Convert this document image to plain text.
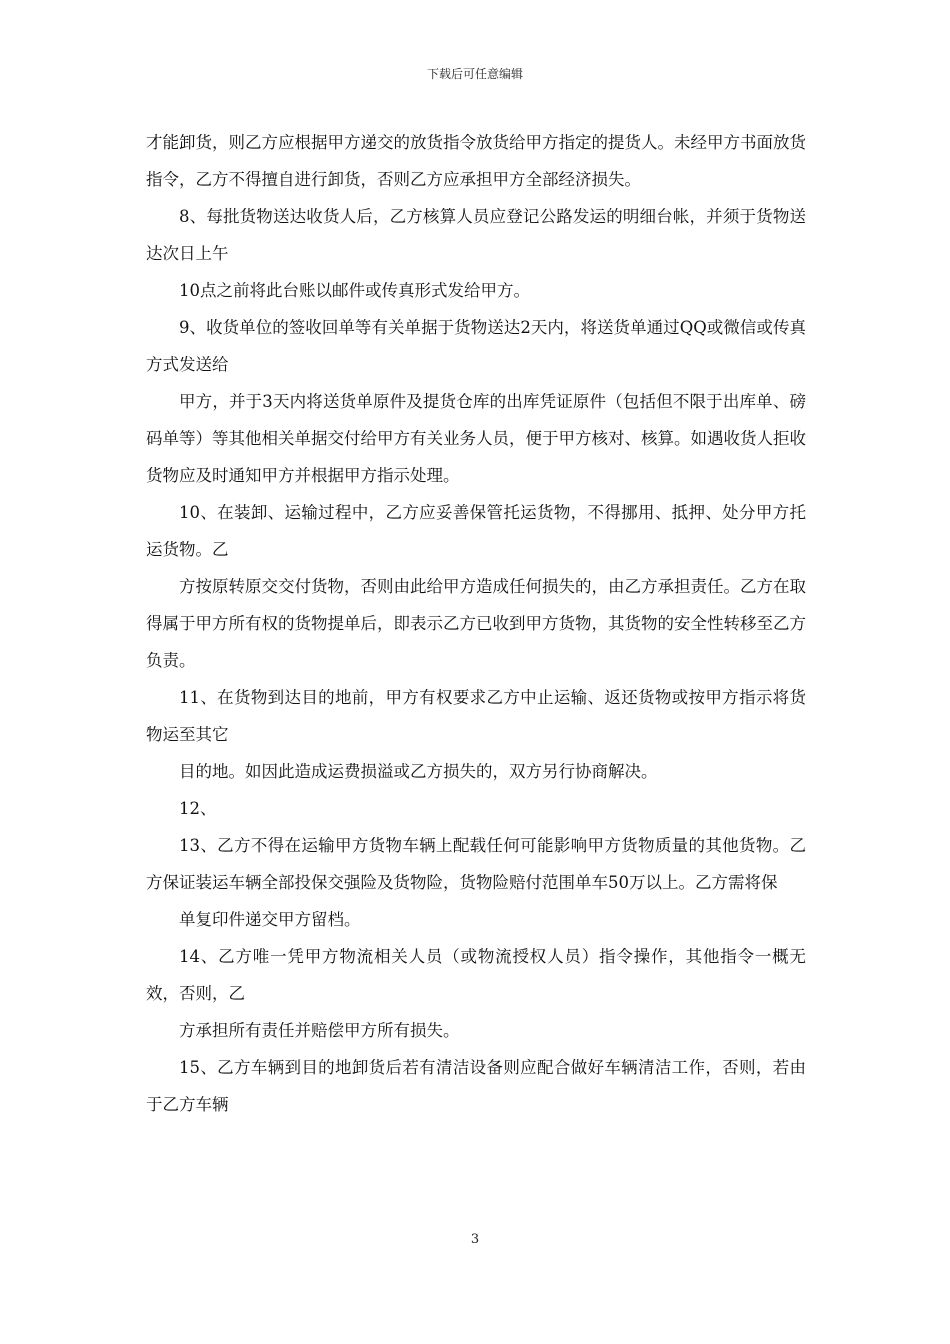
下载后可任意编辑

才能卸货，则乙方应根据甲方递交的放货指令放货给甲方指定的提货人。未经甲方书面放货指令，乙方不得擅自进行卸货，否则乙方应承担甲方全部经济损失。

8、每批货物送达收货人后，乙方核算人员应登记公路发运的明细台帐，并须于货物送达次日上午

10点之前将此台账以邮件或传真形式发给甲方。

9、收货单位的签收回单等有关单据于货物送达2天内，将送货单通过QQ或微信或传真方式发送给

甲方，并于3天内将送货单原件及提货仓库的出库凭证原件（包括但不限于出库单、磅码单等）等其他相关单据交付给甲方有关业务人员，便于甲方核对、核算。如遇收货人拒收货物应及时通知甲方并根据甲方指示处理。

10、在装卸、运输过程中，乙方应妥善保管托运货物，不得挪用、抵押、处分甲方托运货物。乙

方按原转原交交付货物，否则由此给甲方造成任何损失的，由乙方承担责任。乙方在取得属于甲方所有权的货物提单后，即表示乙方已收到甲方货物，其货物的安全性转移至乙方负责。

11、在货物到达目的地前，甲方有权要求乙方中止运输、返还货物或按甲方指示将货物运至其它

目的地。如因此造成运费损溢或乙方损失的，双方另行协商解决。

12、

13、乙方不得在运输甲方货物车辆上配载任何可能影响甲方货物质量的其他货物。乙方保证装运车辆全部投保交强险及货物险，货物险赔付范围单车50万以上。乙方需将保

单复印件递交甲方留档。

14、乙方唯一凭甲方物流相关人员（或物流授权人员）指令操作，其他指令一概无效，否则，乙

方承担所有责任并赔偿甲方所有损失。

15、乙方车辆到目的地卸货后若有清洁设备则应配合做好车辆清洁工作，否则，若由于乙方车辆

3
